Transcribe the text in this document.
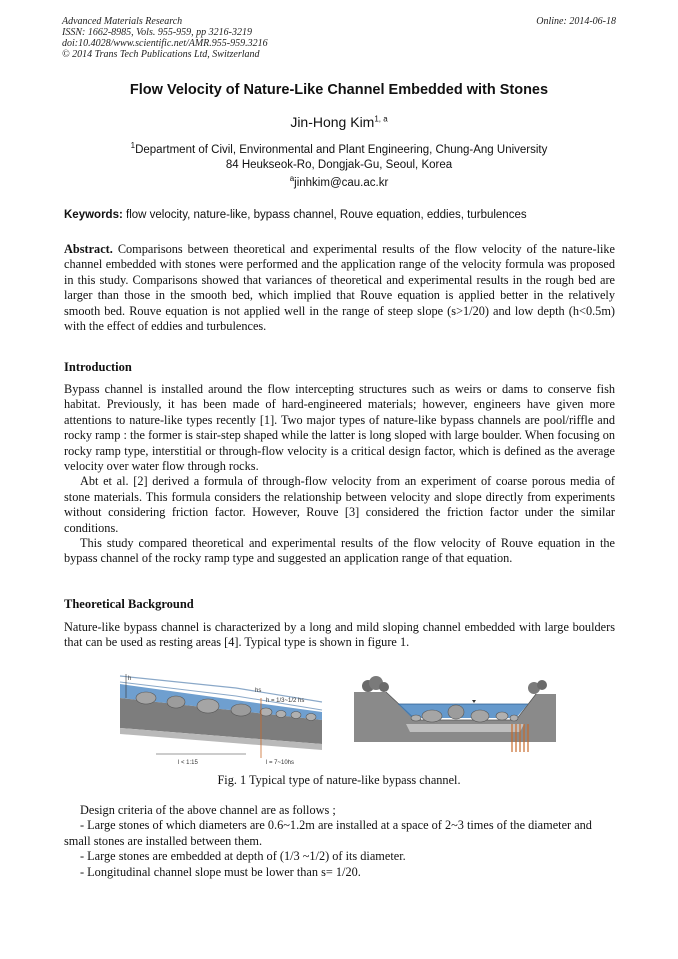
Advanced Materials Research
ISSN: 1662-8985, Vols. 955-959, pp 3216-3219
doi:10.4028/www.scientific.net/AMR.955-959.3216
© 2014 Trans Tech Publications Ltd, Switzerland
Online: 2014-06-18
Flow Velocity of Nature-Like Channel Embedded with Stones
Jin-Hong Kim$^{1, a}$
$^1$Department of Civil, Environmental and Plant Engineering, Chung-Ang University
84 Heukseok-Ro, Dongjak-Gu, Seoul, Korea
$^a$jinhkim@cau.ac.kr
Keywords: flow velocity, nature-like, bypass channel, Rouve equation, eddies, turbulences
Abstract. Comparisons between theoretical and experimental results of the flow velocity of the nature-like channel embedded with stones were performed and the application range of the velocity formula was proposed in this study. Comparisons showed that variances of theoretical and experimental results in the rough bed are larger than those in the smooth bed, which implied that Rouve equation is applied better in the relatively smooth bed. Rouve equation is not applied well in the range of steep slope (s>1/20) and low depth (h<0.5m) with the effect of eddies and turbulences.
Introduction

Bypass channel is installed around the flow intercepting structures such as weirs or dams to conserve fish habitat. Previously, it has been made of hard-engineered materials; however, engineers have given more attentions to nature-like types recently [1]. Two major types of nature-like bypass channels are pool/riffle and rocky ramp : the former is stair-step shaped while the latter is long sloped with large boulder. When focusing on rocky ramp type, interstitial or through-flow velocity is a critical design factor, which is defined as the average velocity over water flow through rocks.

Abt et al. [2] derived a formula of through-flow velocity from an experiment of coarse porous media of stone materials. This formula considers the relationship between velocity and slope directly from experiments without considering friction factor. However, Rouve [3] considered the friction factor under the similar conditions.

This study compared theoretical and experimental results of the flow velocity of Rouve equation in the bypass channel of the rocky ramp type and suggested an application range of that equation.

Theoretical Background

Nature-like bypass channel is characterized by a long and mild sloping channel embedded with large boulders that can be used as resting areas [4]. Typical type is shown in figure 1.

h
h = 1/3~1/2 hs
hs
l < 1:15	l = 7~10hs
Fig. 1 Typical type of nature-like bypass channel.

Design criteria of the above channel are as follows ;

- Large stones of which diameters are 0.6~1.2m are installed at a space of 2~3 times of the diameter and small stones are installed between them.

- Large stones are embedded at depth of (1/3 ~1/2) of its diameter.

- Longitudinal channel slope must be lower than s= 1/20.
